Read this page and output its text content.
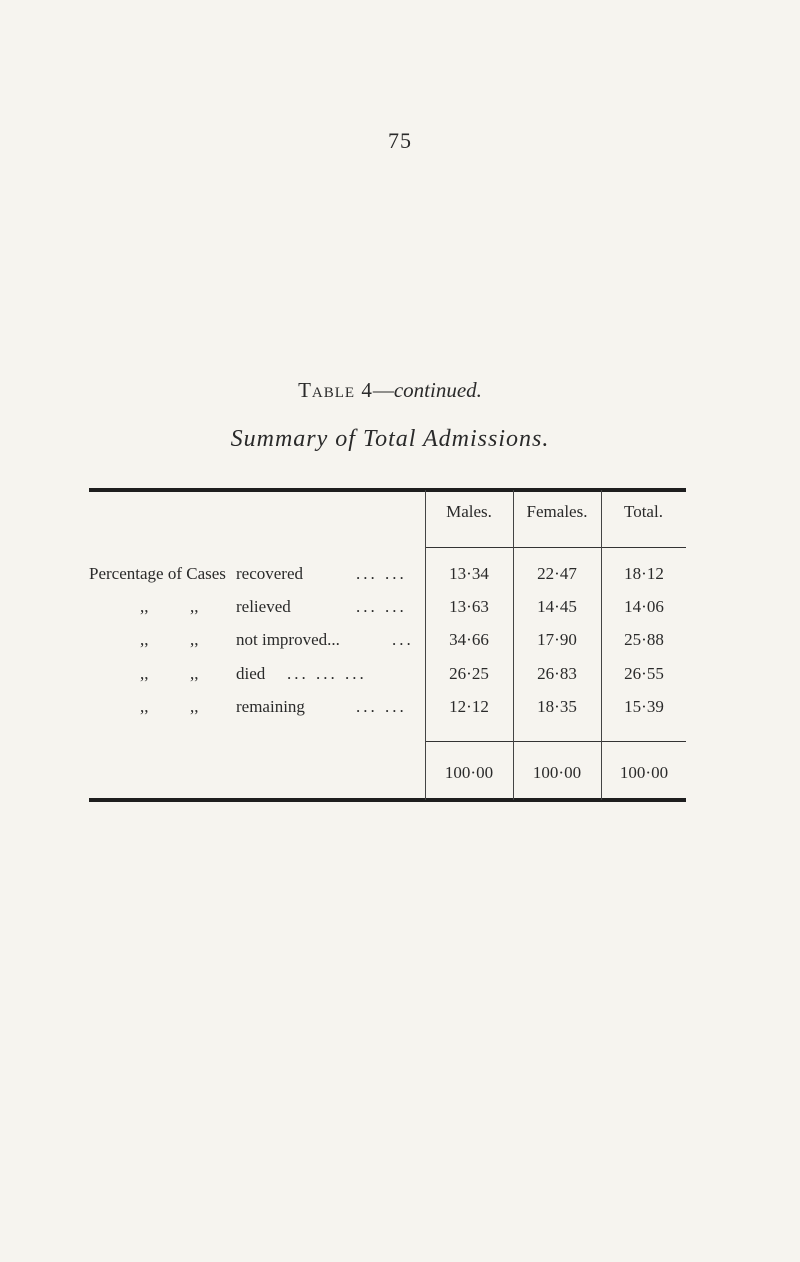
75
Table 4—continued.
Summary of Total Admissions.
Males.	Females.	Total.
Percentage of Cases recovered	... ...	13·34	22·47	18·12
,, ,, relieved	... ...	13·63	14·45	14·06
,, ,, not improved...	...	34·66	17·90	25·88
,, ,, died ... ... ...	26·25	26·83	26·55
,, ,, remaining	... ...	12·12	18·35	15·39
100·00	100·00	100·00
